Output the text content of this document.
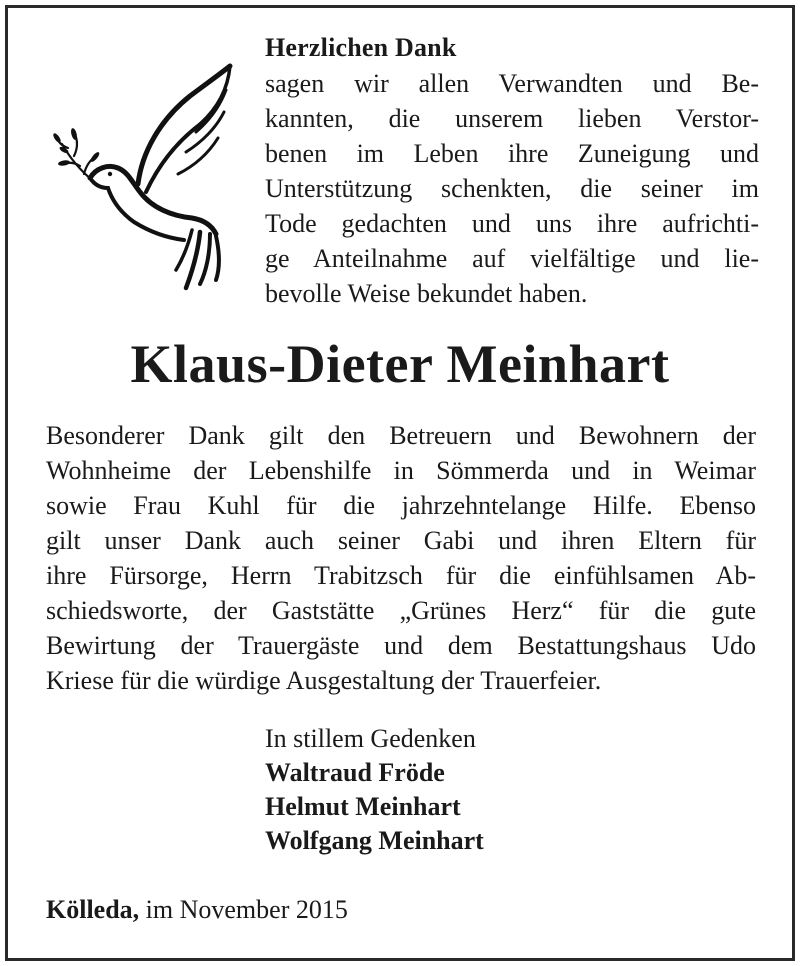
Herzlichen Dank

sagen wir allen Verwandten und Be-
kannten, die unserem lieben Verstor-
benen im Leben ihre Zuneigung und
Unterstützung schenkten, die seiner im
Tode gedachten und uns ihre aufrichti-
ge Anteilnahme auf vielfältige und lie-
bevolle Weise bekundet haben.

Klaus-Dieter Meinhart

Besonderer Dank gilt den Betreuern und Bewohnern der
Wohnheime der Lebenshilfe in Sömmerda und in Weimar
sowie Frau Kuhl für die jahrzehntelange Hilfe. Ebenso
gilt unser Dank auch seiner Gabi und ihren Eltern für
ihre Fürsorge, Herrn Trabitzsch für die einfühlsamen Ab-
schiedsworte, der Gaststätte „Grünes Herz“ für die gute
Bewirtung der Trauergäste und dem Bestattungshaus Udo
Kriese für die würdige Ausgestaltung der Trauerfeier.

In stillem Gedenken
Waltraud Fröde
Helmut Meinhart
Wolfgang Meinhart
Kölleda, im November 2015
